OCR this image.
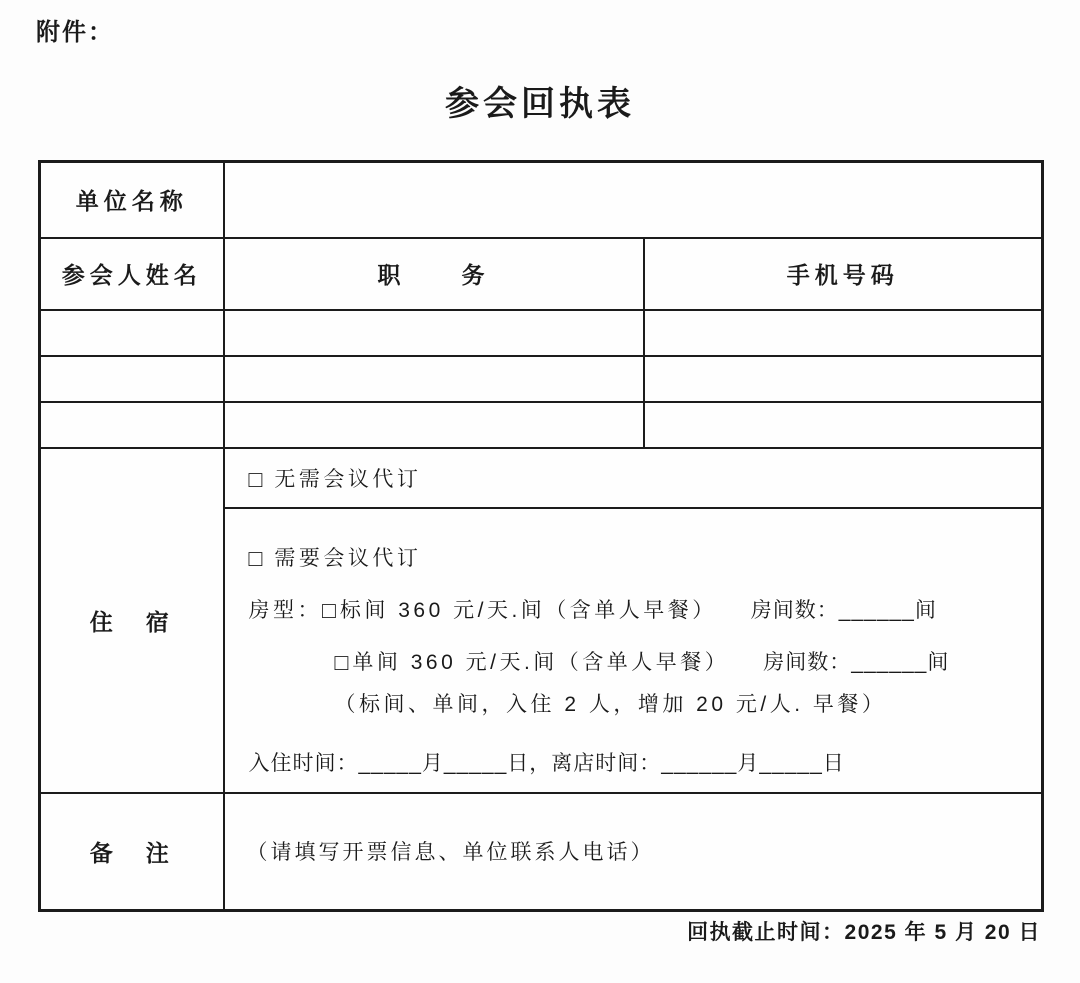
附件：
参会回执表
单位名称		
参会人姓名	职　　务	手机号码

住　宿	□ 无需会议代订	

	□ 需要会议代订
房型：□ 标间 360 元/天.间（含单人早餐） 房间数：______间
□ 单间 360 元/天.间（含单人早餐） 房间数：______间
（标间、单间，入住 2 人，增加 20 元/人. 早餐）
入住时间：_____月_____日，离店时间：______月_____日	

备　注	（请填写开票信息、单位联系人电话）	
回执截止时间：2025 年 5 月 20 日
